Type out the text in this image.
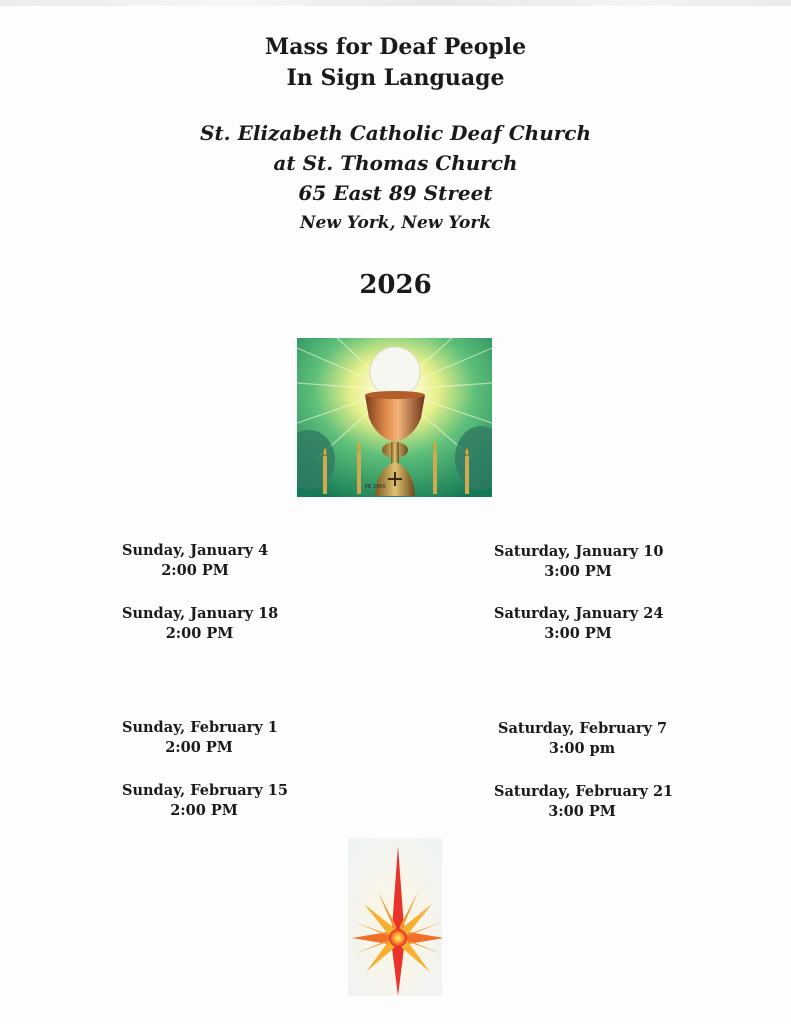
Mass for Deaf People
In Sign Language
St. Elizabeth Catholic Deaf Church
at St. Thomas Church
65 East 89 Street
New York, New York
2026
PB 2005
Sunday, January 4
2:00 PM
Saturday, January 10
3:00 PM
Sunday, January 18
2:00 PM
Saturday, January 24
3:00 PM
Sunday, February 1
2:00 PM
Saturday, February 7
3:00 pm
Sunday, February 15
2:00 PM
Saturday, February 21
3:00 PM
